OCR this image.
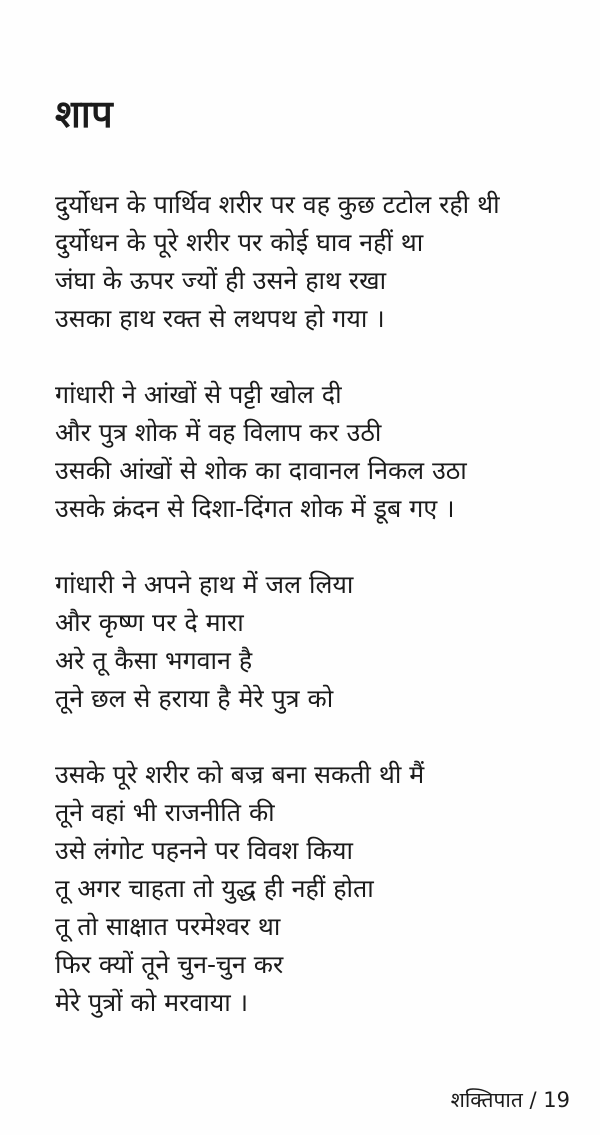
शाप
दुर्योधन के पार्थिव शरीर पर वह कुछ टटोल रही थी
दुर्योधन के पूरे शरीर पर कोई घाव नहीं था
जंघा के ऊपर ज्यों ही उसने हाथ रखा
उसका हाथ रक्त से लथपथ हो गया ।
गांधारी ने आंखों से पट्टी खोल दी
और पुत्र शोक में वह विलाप कर उठी
उसकी आंखों से शोक का दावानल निकल उठा
उसके क्रंदन से दिशा-दिंगत शोक में डूब गए ।
गांधारी ने अपने हाथ में जल लिया
और कृष्ण पर दे मारा
अरे तू कैसा भगवान है
तूने छल से हराया है मेरे पुत्र को
उसके पूरे शरीर को बज्र बना सकती थी मैं
तूने वहां भी राजनीति की
उसे लंगोट पहनने पर विवश किया
तू अगर चाहता तो युद्ध ही नहीं होता
तू तो साक्षात परमेश्वर था
फिर क्यों तूने चुन-चुन कर
मेरे पुत्रों को मरवाया ।
शक्तिपात / 19
